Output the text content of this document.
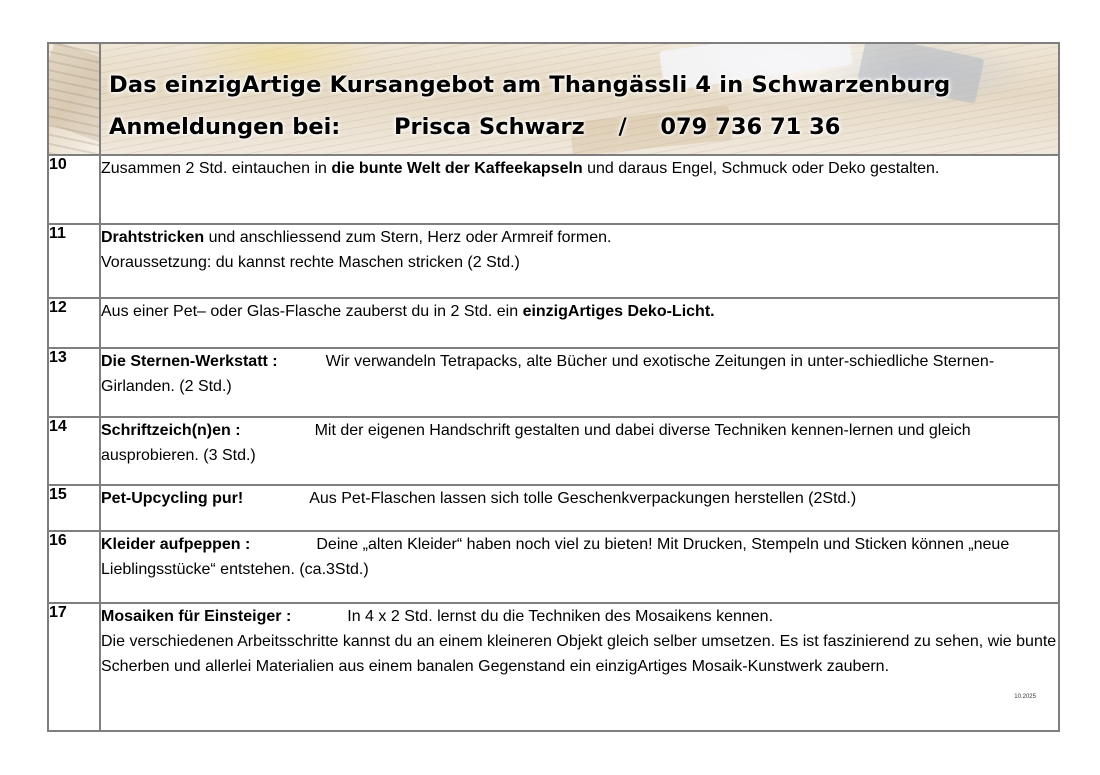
	Das einzigArtige Kursangebot am Thangässli 4 in Schwarzenburg
Anmeldungen bei: Prisca Schwarz / 079 736 71 36

10	Zusammen 2 Std. eintauchen in die bunte Welt der Kaffeekapseln und daraus Engel, Schmuck oder Deko gestalten.
11	Drahtstricken und anschliessend zum Stern, Herz oder Armreif formen.
Voraussetzung: du kannst rechte Maschen stricken (2 Std.)
12	Aus einer Pet– oder Glas-Flasche zauberst du in 2 Std. ein einzigArtiges Deko-Licht.
13	Die Sternen-Werkstatt : Wir verwandeln Tetrapacks, alte Bücher und exotische Zeitungen in unter-schiedliche Sternen-Girlanden. (2 Std.)
14	Schriftzeich(n)en : Mit der eigenen Handschrift gestalten und dabei diverse Techniken kennen-lernen und gleich ausprobieren. (3 Std.)
15	Pet-Upcycling pur! Aus Pet-Flaschen lassen sich tolle Geschenkverpackungen herstellen (2Std.)
16	Kleider aufpeppen : Deine „alten Kleider“ haben noch viel zu bieten! Mit Drucken, Stempeln und Sticken können „neue Lieblingsstücke“ entstehen. (ca.3Std.)
17	Mosaiken für Einsteiger : In 4 x 2 Std. lernst du die Techniken des Mosaikens kennen.
Die verschiedenen Arbeitsschritte kannst du an einem kleineren Objekt gleich selber umsetzen. Es ist faszinierend zu sehen, wie bunte Scherben und allerlei Materialien aus einem banalen Gegenstand ein einzigArtiges Mosaik-Kunstwerk zaubern.
10.2025
